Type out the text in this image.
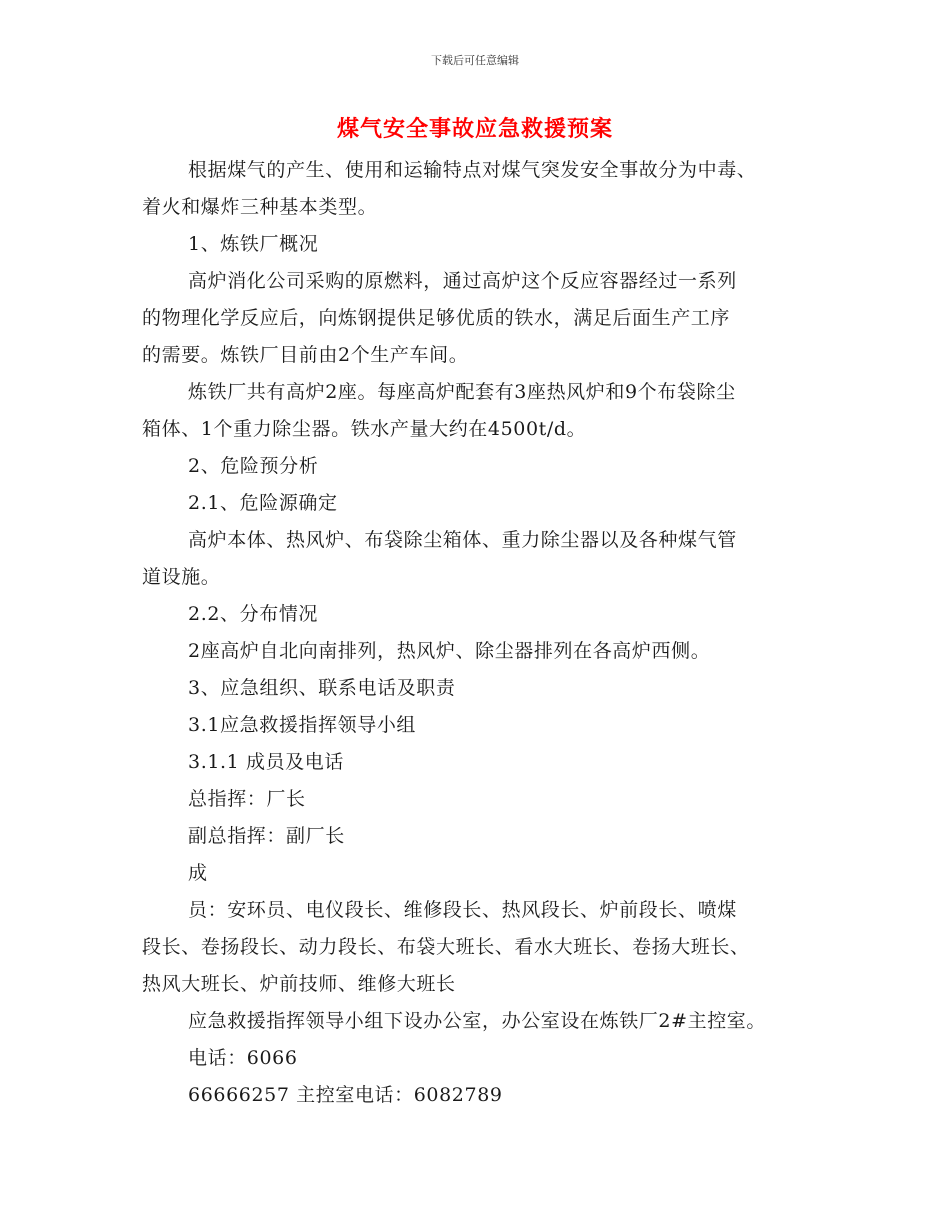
下载后可任意编辑
煤气安全事故应急救援预案
根据煤气的产生、使用和运输特点对煤气突发安全事故分为中毒、
着火和爆炸三种基本类型。
1、炼铁厂概况
高炉消化公司采购的原燃料，通过高炉这个反应容器经过一系列
的物理化学反应后，向炼钢提供足够优质的铁水，满足后面生产工序
的需要。炼铁厂目前由2个生产车间。
炼铁厂共有高炉2座。每座高炉配套有3座热风炉和9个布袋除尘
箱体、1个重力除尘器。铁水产量大约在4500t/d。
2、危险预分析
2.1、危险源确定
高炉本体、热风炉、布袋除尘箱体、重力除尘器以及各种煤气管
道设施。
2.2、分布情况
2座高炉自北向南排列，热风炉、除尘器排列在各高炉西侧。
3、应急组织、联系电话及职责
3.1应急救援指挥领导小组
3.1.1 成员及电话
总指挥：厂长
副总指挥：副厂长
成
员：安环员、电仪段长、维修段长、热风段长、炉前段长、喷煤
段长、卷扬段长、动力段长、布袋大班长、看水大班长、卷扬大班长、
热风大班长、炉前技师、维修大班长
应急救援指挥领导小组下设办公室，办公室设在炼铁厂2#主控室。
电话：6066
66666257 主控室电话：6082789
